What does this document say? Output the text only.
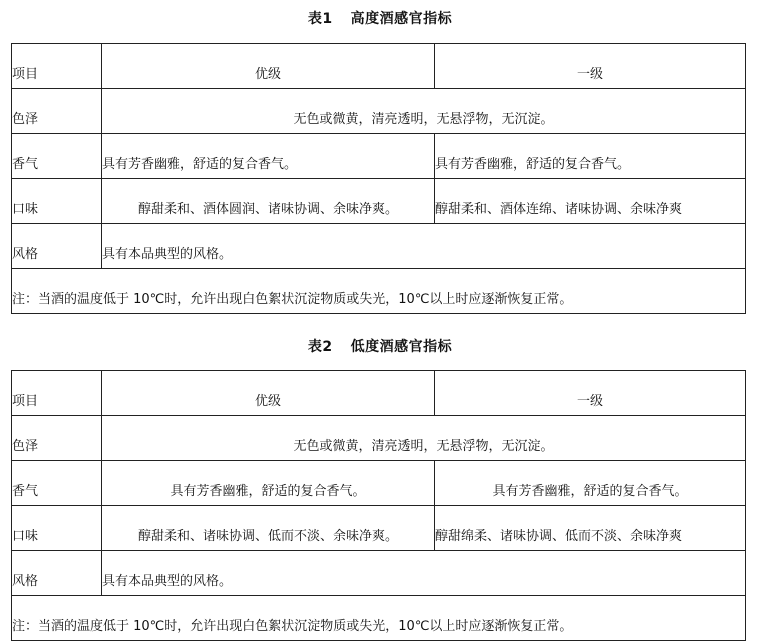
表1 高度酒感官指标
项目	优级	一级
色泽	无色或微黄，清亮透明，无悬浮物，无沉淀。	
香气	具有芳香幽雅，舒适的复合香气。	具有芳香幽雅，舒适的复合香气。
口味	醇甜柔和、酒体圆润、诸味协调、余味净爽。	醇甜柔和、酒体连绵、诸味协调、余味净爽
风格	具有本品典型的风格。	
注：当酒的温度低于 10℃时，允许出现白色絮状沉淀物质或失光，10℃以上时应逐渐恢复正常。		
表2 低度酒感官指标
项目	优级	一级
色泽	无色或微黄，清亮透明，无悬浮物，无沉淀。	
香气	具有芳香幽雅，舒适的复合香气。	具有芳香幽雅，舒适的复合香气。
口味	醇甜柔和、诸味协调、低而不淡、余味净爽。	醇甜绵柔、诸味协调、低而不淡、余味净爽
风格	具有本品典型的风格。	
注：当酒的温度低于 10℃时，允许出现白色絮状沉淀物质或失光，10℃以上时应逐渐恢复正常。		
